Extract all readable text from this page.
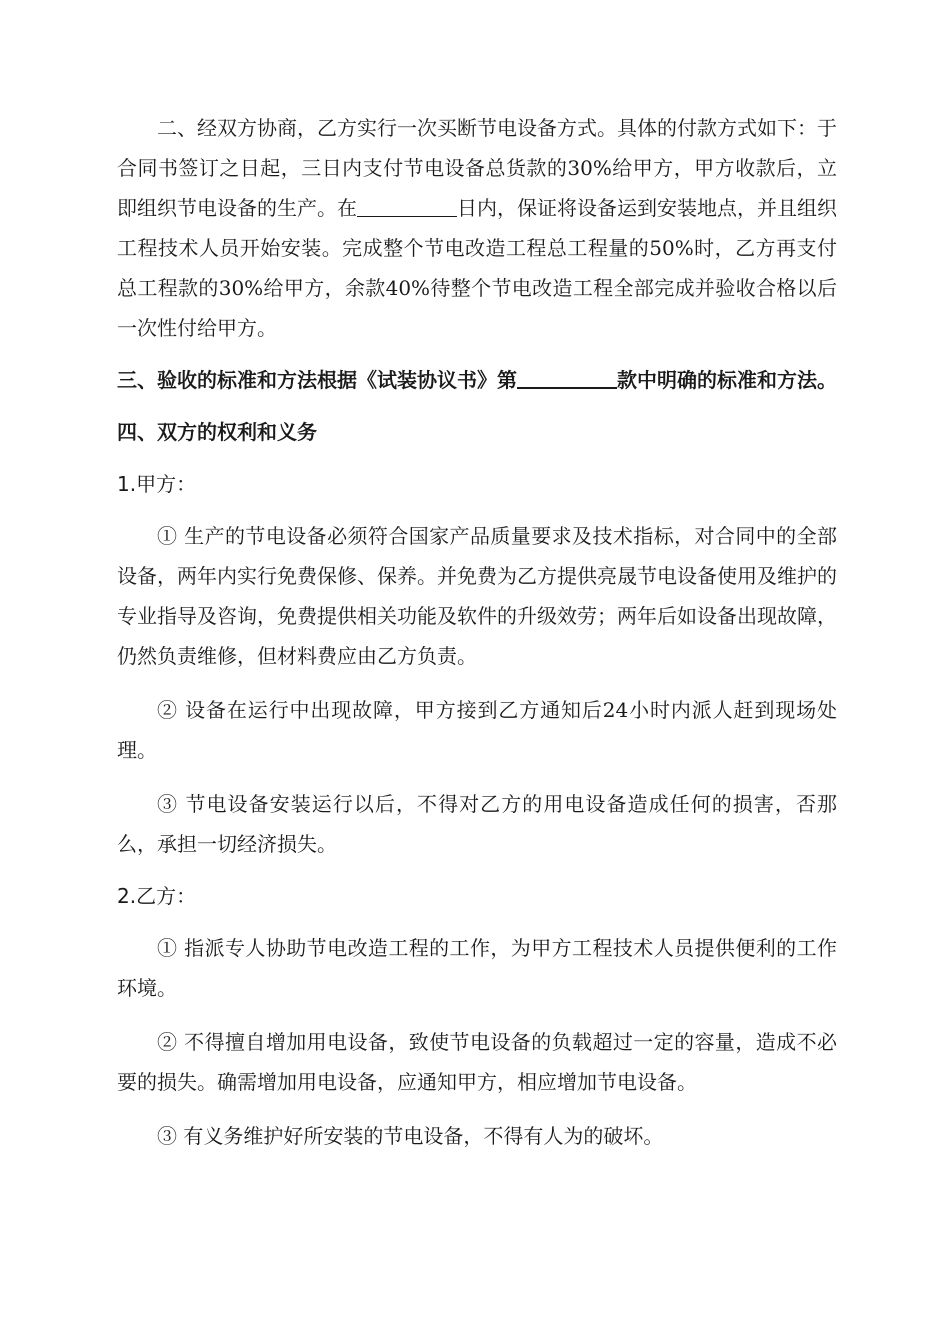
二、经双方协商，乙方实行一次买断节电设备方式。具体的付款方式如下：于合同书签订之日起，三日内支付节电设备总货款的30%给甲方，甲方收款后，立即组织节电设备的生产。在	日内，保证将设备运到安装地点，并且组织工程技术人员开始安装。完成整个节电改造工程总工程量的50%时，乙方再支付总工程款的30%给甲方，余款40%待整个节电改造工程全部完成并验收合格以后一次性付给甲方。

三、验收的标准和方法根据《试装协议书》第	款中明确的标准和方法。

四、双方的权利和义务

1.甲方：

① 生产的节电设备必须符合国家产品质量要求及技术指标，对合同中的全部设备，两年内实行免费保修、保养。并免费为乙方提供亮晟节电设备使用及维护的专业指导及咨询，免费提供相关功能及软件的升级效劳；两年后如设备出现故障，仍然负责维修，但材料费应由乙方负责。

② 设备在运行中出现故障，甲方接到乙方通知后24小时内派人赶到现场处理。

③ 节电设备安装运行以后，不得对乙方的用电设备造成任何的损害，否那么，承担一切经济损失。

2.乙方：

① 指派专人协助节电改造工程的工作，为甲方工程技术人员提供便利的工作环境。

② 不得擅自增加用电设备，致使节电设备的负载超过一定的容量，造成不必要的损失。确需增加用电设备，应通知甲方，相应增加节电设备。

③ 有义务维护好所安装的节电设备，不得有人为的破坏。
